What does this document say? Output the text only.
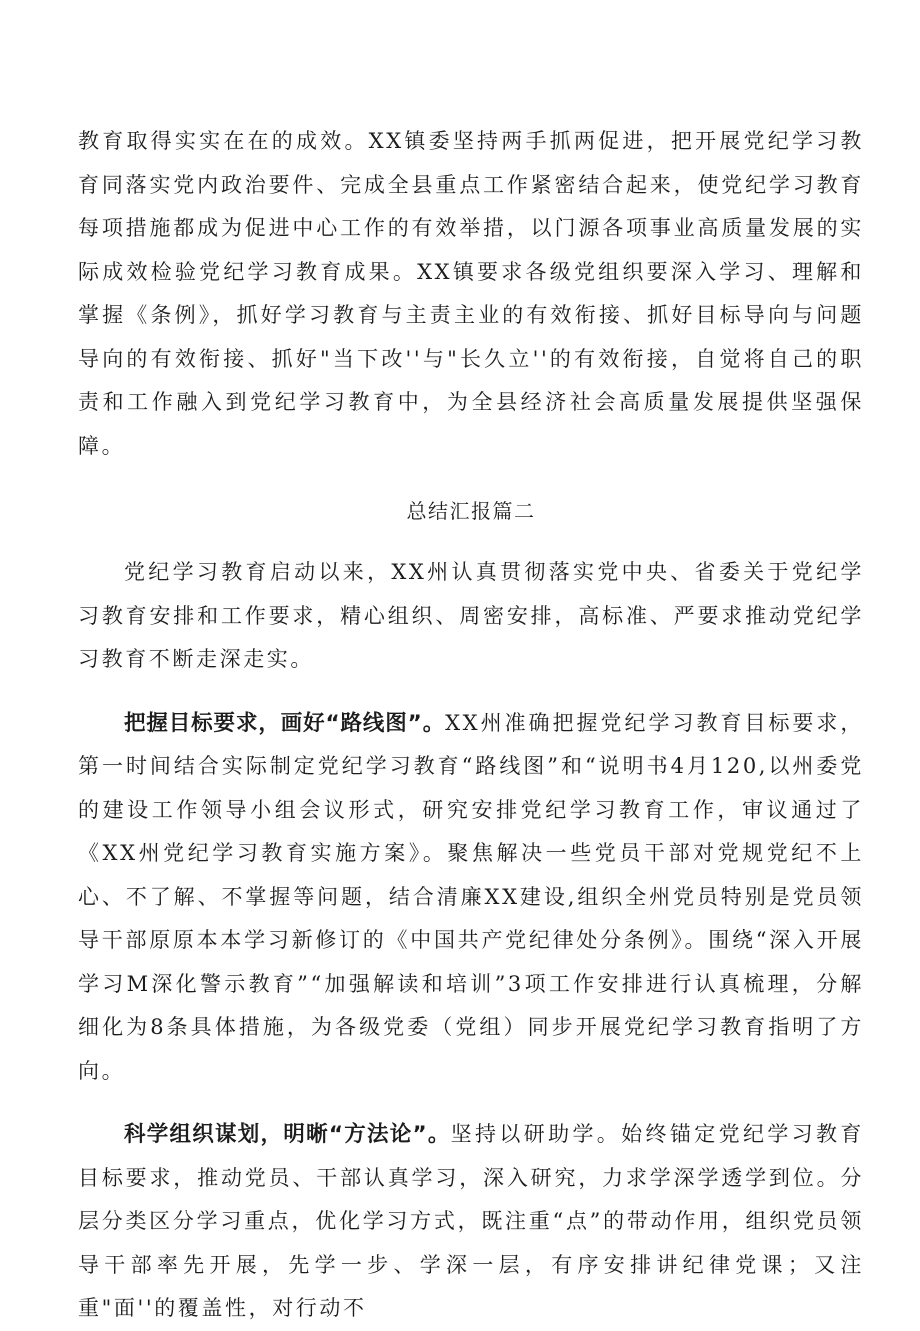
教育取得实实在在的成效。XX镇委坚持两手抓两促进，把开展党纪学习教育同落实党内政治要件、完成全县重点工作紧密结合起来，使党纪学习教育每项措施都成为促进中心工作的有效举措，以门源各项事业高质量发展的实际成效检验党纪学习教育成果。XX镇要求各级党组织要深入学习、理解和掌握《条例》，抓好学习教育与主责主业的有效衔接、抓好目标导向与问题导向的有效衔接、抓好"当下改''与"长久立''的有效衔接，自觉将自己的职责和工作融入到党纪学习教育中，为全县经济社会高质量发展提供坚强保障。

总结汇报篇二

党纪学习教育启动以来，XX州认真贯彻落实党中央、省委关于党纪学习教育安排和工作要求，精心组织、周密安排，高标准、严要求推动党纪学习教育不断走深走实。

把握目标要求，画好“路线图”。XX州准确把握党纪学习教育目标要求，第一时间结合实际制定党纪学习教育“路线图”和“说明书4月120,以州委党的建设工作领导小组会议形式，研究安排党纪学习教育工作，审议通过了《XX州党纪学习教育实施方案》。聚焦解决一些党员干部对党规党纪不上心、不了解、不掌握等问题，结合清廉XX建设,组织全州党员特别是党员领导干部原原本本学习新修订的《中国共产党纪律处分条例》。围绕“深入开展学习M深化警示教育”“加强解读和培训”3项工作安排进行认真梳理，分解细化为8条具体措施，为各级党委（党组）同步开展党纪学习教育指明了方向。

科学组织谋划，明晰“方法论”。坚持以研助学。始终锚定党纪学习教育目标要求，推动党员、干部认真学习，深入研究，力求学深学透学到位。分层分类区分学习重点，优化学习方式，既注重“点”的带动作用，组织党员领导干部率先开展，先学一步、学深一层，有序安排讲纪律党课；又注重"面''的覆盖性，对行动不
